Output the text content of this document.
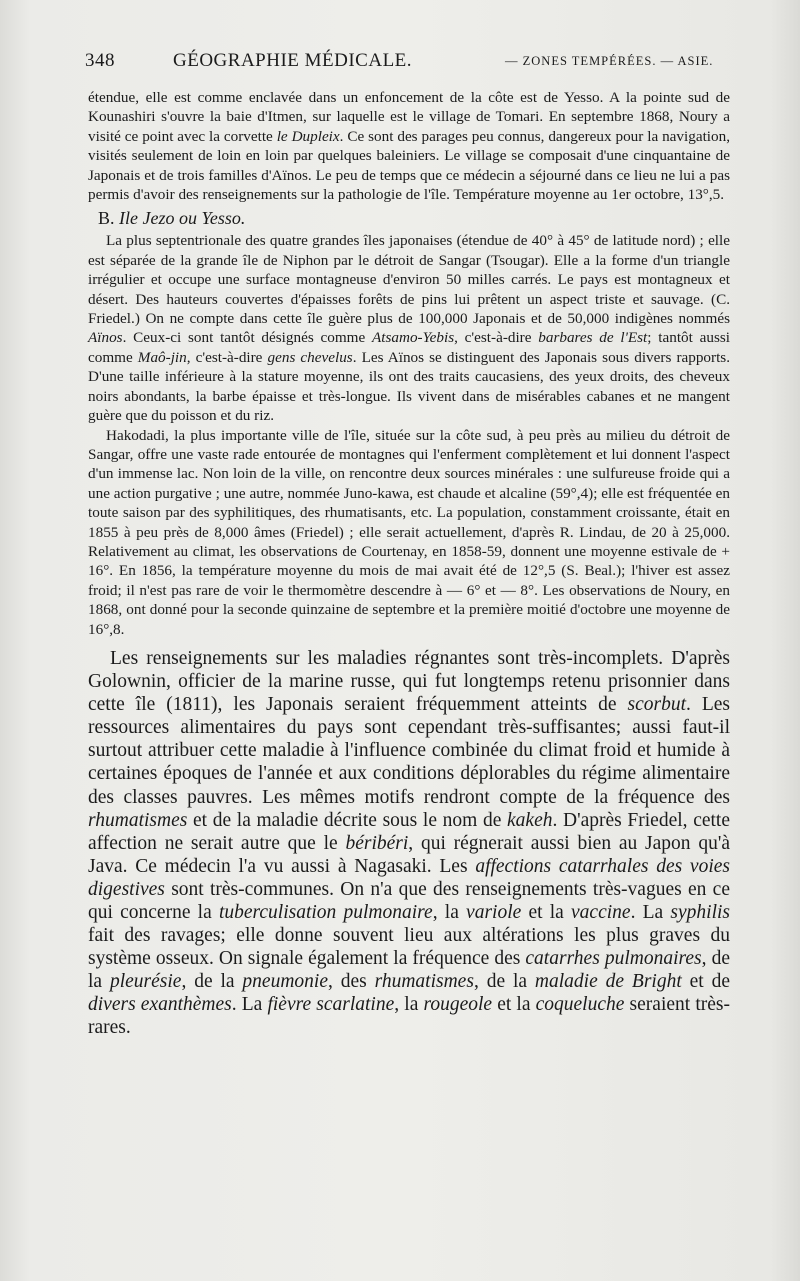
348	GÉOGRAPHIE MÉDICALE.	— ZONES TEMPÉRÉES. — ASIE.

étendue, elle est comme enclavée dans un enfoncement de la côte est de Yesso. A la pointe sud de Kounashiri s'ouvre la baie d'Itmen, sur laquelle est le village de Tomari. En septembre 1868, Noury a visité ce point avec la corvette le Dupleix. Ce sont des parages peu connus, dangereux pour la navigation, visités seulement de loin en loin par quelques baleiniers. Le village se composait d'une cinquantaine de Japonais et de trois familles d'Aïnos. Le peu de temps que ce médecin a séjourné dans ce lieu ne lui a pas permis d'avoir des renseignements sur la pathologie de l'île. Température moyenne au 1er octobre, 13°,5.

B. Ile Jezo ou Yesso.

La plus septentrionale des quatre grandes îles japonaises (étendue de 40° à 45° de latitude nord) ; elle est séparée de la grande île de Niphon par le détroit de Sangar (Tsougar). Elle a la forme d'un triangle irrégulier et occupe une surface montagneuse d'environ 50 milles carrés. Le pays est montagneux et désert. Des hauteurs couvertes d'épaisses forêts de pins lui prêtent un aspect triste et sauvage. (C. Friedel.) On ne compte dans cette île guère plus de 100,000 Japonais et de 50,000 indigènes nommés Aïnos. Ceux-ci sont tantôt désignés comme Atsamo-Yebis, c'est-à-dire barbares de l'Est; tantôt aussi comme Maô-jin, c'est-à-dire gens chevelus. Les Aïnos se distinguent des Japonais sous divers rapports. D'une taille inférieure à la stature moyenne, ils ont des traits caucasiens, des yeux droits, des cheveux noirs abondants, la barbe épaisse et très-longue. Ils vivent dans de misérables cabanes et ne mangent guère que du poisson et du riz.

Hakodadi, la plus importante ville de l'île, située sur la côte sud, à peu près au milieu du détroit de Sangar, offre une vaste rade entourée de montagnes qui l'enferment complètement et lui donnent l'aspect d'un immense lac. Non loin de la ville, on rencontre deux sources minérales : une sulfureuse froide qui a une action purgative ; une autre, nommée Juno-kawa, est chaude et alcaline (59°,4); elle est fréquentée en toute saison par des syphilitiques, des rhumatisants, etc. La population, constamment croissante, était en 1855 à peu près de 8,000 âmes (Friedel) ; elle serait actuellement, d'après R. Lindau, de 20 à 25,000. Relativement au climat, les observations de Courtenay, en 1858-59, donnent une moyenne estivale de + 16°. En 1856, la température moyenne du mois de mai avait été de 12°,5 (S. Beal.); l'hiver est assez froid; il n'est pas rare de voir le thermomètre descendre à — 6° et — 8°. Les observations de Noury, en 1868, ont donné pour la seconde quinzaine de septembre et la première moitié d'octobre une moyenne de 16°,8.

Les renseignements sur les maladies régnantes sont très-incomplets. D'après Golownin, officier de la marine russe, qui fut longtemps retenu prisonnier dans cette île (1811), les Japonais seraient fréquemment atteints de scorbut. Les ressources alimentaires du pays sont cependant très-suffisantes; aussi faut-il surtout attribuer cette maladie à l'influence combinée du climat froid et humide à certaines époques de l'année et aux conditions déplorables du régime alimentaire des classes pauvres. Les mêmes motifs rendront compte de la fréquence des rhumatismes et de la maladie décrite sous le nom de kakeh. D'après Friedel, cette affection ne serait autre que le béribéri, qui régnerait aussi bien au Japon qu'à Java. Ce médecin l'a vu aussi à Nagasaki. Les affections catarrhales des voies digestives sont très-communes. On n'a que des renseignements très-vagues en ce qui concerne la tuberculisation pulmonaire, la variole et la vaccine. La syphilis fait des ravages; elle donne souvent lieu aux altérations les plus graves du système osseux. On signale également la fréquence des catarrhes pulmonaires, de la pleurésie, de la pneumonie, des rhumatismes, de la maladie de Bright et de divers exanthèmes. La fièvre scarlatine, la rougeole et la coqueluche seraient très-rares.
